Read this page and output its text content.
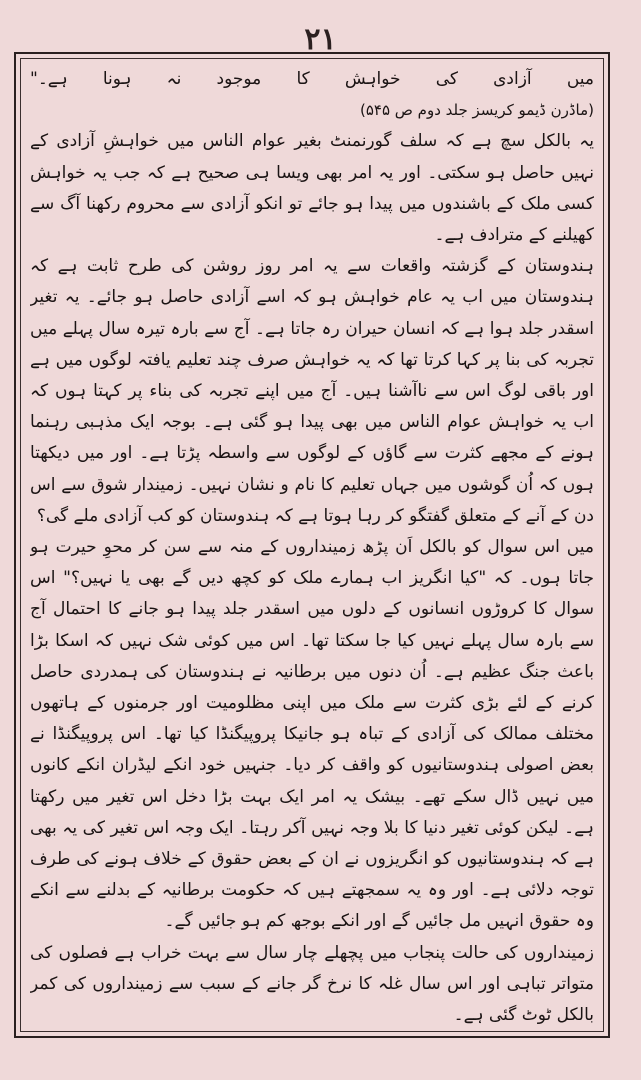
۲۱

میں آزادی کی خواہش کا موجود نہ ہونا ہے۔" (ماڈرن ڈیمو کریسز جلد دوم ص ۵۴۵)

یہ بالکل سچ ہے کہ سلف گورنمنٹ بغیر عوام الناس میں خواہشِ آزادی کے نہیں حاصل ہو سکتی۔ اور یہ امر بھی ویسا ہی صحیح ہے کہ جب یہ خواہش کسی ملک کے باشندوں میں پیدا ہو جائے تو انکو آزادی سے محروم رکھنا آگ سے کھیلنے کے مترادف ہے۔

ہندوستان کے گزشتہ واقعات سے یہ امر روز روشن کی طرح ثابت ہے کہ ہندوستان میں اب یہ عام خواہش ہو کہ اسے آزادی حاصل ہو جائے۔ یہ تغیر اسقدر جلد ہوا ہے کہ انسان حیران رہ جاتا ہے۔ آج سے بارہ تیرہ سال پہلے میں تجربہ کی بنا پر کہا کرتا تھا کہ یہ خواہش صرف چند تعلیم یافتہ لوگوں میں ہے اور باقی لوگ اس سے ناآشنا ہیں۔ آج میں اپنے تجربہ کی بناء پر کہتا ہوں کہ اب یہ خواہش عوام الناس میں بھی پیدا ہو گئی ہے۔ بوجہ ایک مذہبی رہنما ہونے کے مجھے کثرت سے گاؤں کے لوگوں سے واسطہ پڑتا ہے۔ اور میں دیکھتا ہوں کہ اُن گوشوں میں جہاں تعلیم کا نام و نشان نہیں۔ زمیندار شوق سے اس دن کے آنے کے متعلق گفتگو کر رہا ہوتا ہے کہ ہندوستان کو کب آزادی ملے گی؟

میں اس سوال کو بالکل اَن پڑھ زمینداروں کے منہ سے سن کر محوِ حیرت ہو جاتا ہوں۔ کہ "کیا انگریز اب ہمارے ملک کو کچھ دیں گے بھی یا نہیں؟" اس سوال کا کروڑوں انسانوں کے دلوں میں اسقدر جلد پیدا ہو جانے کا احتمال آج سے بارہ سال پہلے نہیں کیا جا سکتا تھا۔ اس میں کوئی شک نہیں کہ اسکا بڑا باعث جنگ عظیم ہے۔ اُن دنوں میں برطانیہ نے ہندوستان کی ہمدردی حاصل کرنے کے لئے بڑی کثرت سے ملک میں اپنی مظلومیت اور جرمنوں کے ہاتھوں مختلف ممالک کی آزادی کے تباہ ہو جانیکا پروپیگنڈا کیا تھا۔ اس پروپیگنڈا نے بعض اصولی ہندوستانیوں کو واقف کر دیا۔ جنہیں خود انکے لیڈران انکے کانوں میں نہیں ڈال سکے تھے۔ بیشک یہ امر ایک بہت بڑا دخل اس تغیر میں رکھتا ہے۔ لیکن کوئی تغیر دنیا کا بلا وجہ نہیں آکر رہتا۔ ایک وجہ اس تغیر کی یہ بھی ہے کہ ہندوستانیوں کو انگریزوں نے ان کے بعض حقوق کے خلاف ہونے کی طرف توجہ دلائی ہے۔ اور وہ یہ سمجھتے ہیں کہ حکومت برطانیہ کے بدلنے سے انکے وہ حقوق انہیں مل جائیں گے اور انکے بوجھ کم ہو جائیں گے۔

زمینداروں کی حالت پنجاب میں پچھلے چار سال سے بہت خراب ہے فصلوں کی متواتر تباہی اور اس سال غلہ کا نرخ گر جانے کے سبب سے زمینداروں کی کمر بالکل ٹوٹ گئی ہے۔
